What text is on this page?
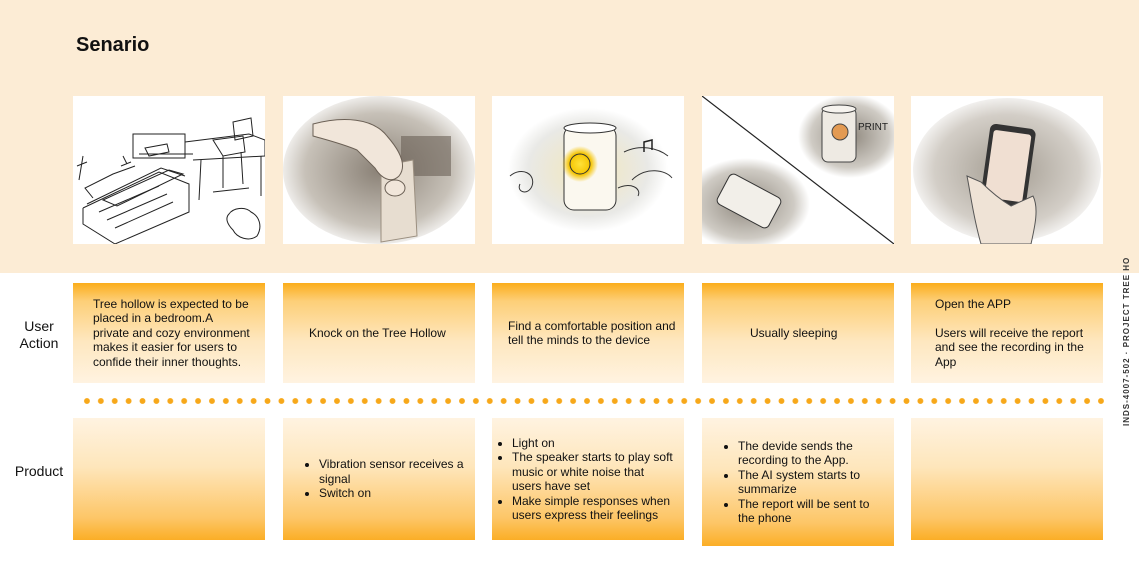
Senario
PRINT
User
Action
Product

Tree hollow is expected to be placed in a bedroom.A private and cozy environment makes it easier for users to confide their inner thoughts.

Knock on the Tree Hollow

Find a comfortable position and tell the minds to the device

Usually sleeping

Open the APP

Users will receive the report and see the recording in the App

• Vibration sensor receives a signal
• Switch on
• Light on
• The speaker starts to play soft music or white noise that users have set
• Make simple responses when users express their feelings
• The devide sends the recording to the App.
• The AI system starts to summarize
• The report will be sent to the phone
INDS-4007-502 · PROJECT TREE HO
